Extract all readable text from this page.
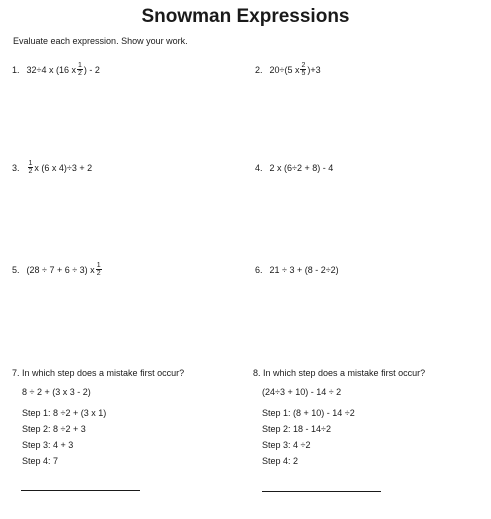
Snowman Expressions
Evaluate each expression. Show your work.
1. 32÷4 x (16 x $\frac{1}{2}$ ) - 2	2. 20÷(5 x $\frac{2}{5} )+3$
3. $\frac{1}{2}$ x (6 x 4)÷3 + 2	4. 2 x (6÷2 + 8) - 4
5. (28 ÷ 7 + 6 ÷ 3) x $\frac{1}{2}$	6. 21 ÷ 3 + (8 - 2÷2)
7. In which step does a mistake first occur?
8 ÷ 2 + (3 x 3 - 2)
Step 1: 8 ÷2 + (3 x 1)
Step 2: 8 ÷2 + 3
Step 3: 4 + 3
Step 4: 7
8. In which step does a mistake first occur?
(24÷3 + 10) - 14 ÷ 2
Step 1: (8 + 10) - 14 ÷2
Step 2: 18 - 14÷2
Step 3: 4 ÷2
Step 4: 2
